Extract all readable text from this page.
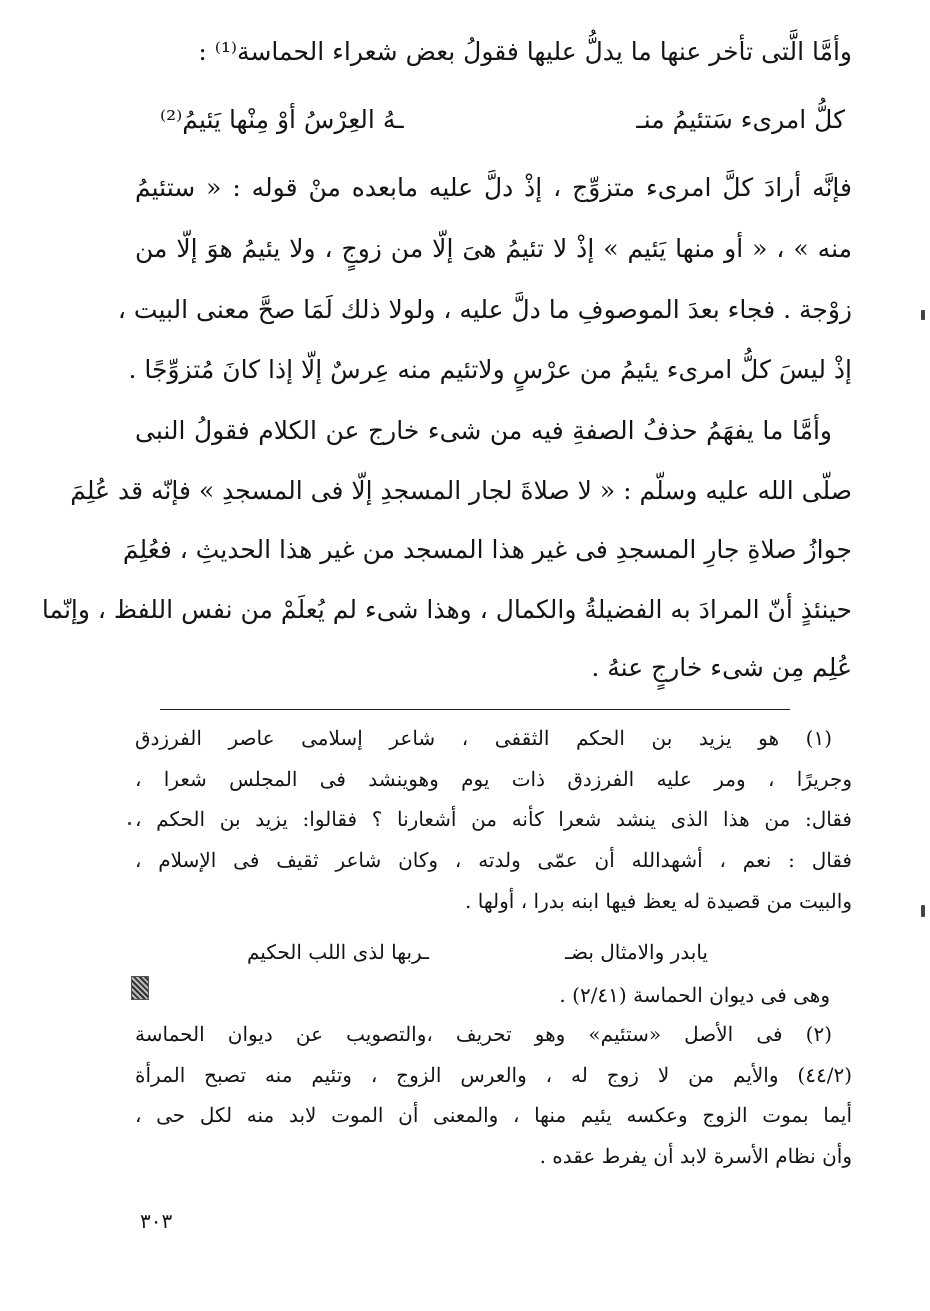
وأمَّا الَّتى تأخر عنها ما يدلُّ عليها فقولُ بعض شعراء الحماسة⁽¹⁾ :
كلُّ امرىء سَتئيمُ منـ
ـهُ العِرْسُ أوْ مِنْها يَئيمُ⁽²⁾
فإنَّه أرادَ كلَّ امرىء متزوِّج ، إذْ دلَّ عليه مابعده منْ قوله : « ستئيمُ
منه » ، « أو منها يَئيم » إذْ لا تئيمُ هىَ إلّا من زوجٍ ، ولا يئيمُ هوَ إلّا من
زوْجة . فجاء بعدَ الموصوفِ ما دلَّ عليه ، ولولا ذلك لَمَا صحَّ معنى البيت ،
إذْ ليسَ كلُّ امرىء يئيمُ من عرْسٍ ولاتئيم منه عِرسٌ إلّا إذا كانَ مُتزوِّجًا .
وأمَّا ما يفهَمُ حذفُ الصفةِ فيه من شىء خارج عن الكلام فقولُ النبى
صلّى الله عليه وسلّم : « لا صلاةَ لجار المسجدِ إلّا فى المسجدِ » فإنّه قد عُلِمَ
جوازُ صلاةِ جارِ المسجدِ فى غير هذا المسجد من غير هذا الحديثِ ، فعُلِمَ
حينئذٍ أنّ المرادَ به الفضيلةُ والكمال ، وهذا شىء لم يُعلَمْ من نفس اللفظ ، وإنّما
عُلِم مِن شىء خارجٍ عنهُ .
(١) هو يزيد بن الحكم الثقفى ، شاعر إسلامى عاصر الفرزدق
وجريرًا ، ومر عليه الفرزدق ذات يوم وهوينشد فى المجلس شعرا ،
فقال: من هذا الذى ينشد شعرا كأنه من أشعارنا ؟ فقالوا: يزيد بن الحكم ،
فقال : نعم ، أشهدالله أن عمّى ولدته ، وكان شاعر ثقيف فى الإسلام ،
والبيت من قصيدة له يعظ فيها ابنه بدرا ، أولها .
يابدر والامثال بضـ
ـربها لذى اللب الحكيم
وهى فى ديوان الحماسة (٢/٤١) .
(٢) فى الأصل «ستئيم» وهو تحريف ،والتصويب عن ديوان الحماسة
(٤٤/٢) والأيم من لا زوج له ، والعرس الزوج ، وتئيم منه تصبح المرأة
أيما بموت الزوج وعكسه يئيم منها ، والمعنى أن الموت لابد منه لكل حى ،
وأن نظام الأسرة لابد أن يفرط عقده .
٣٠٣
